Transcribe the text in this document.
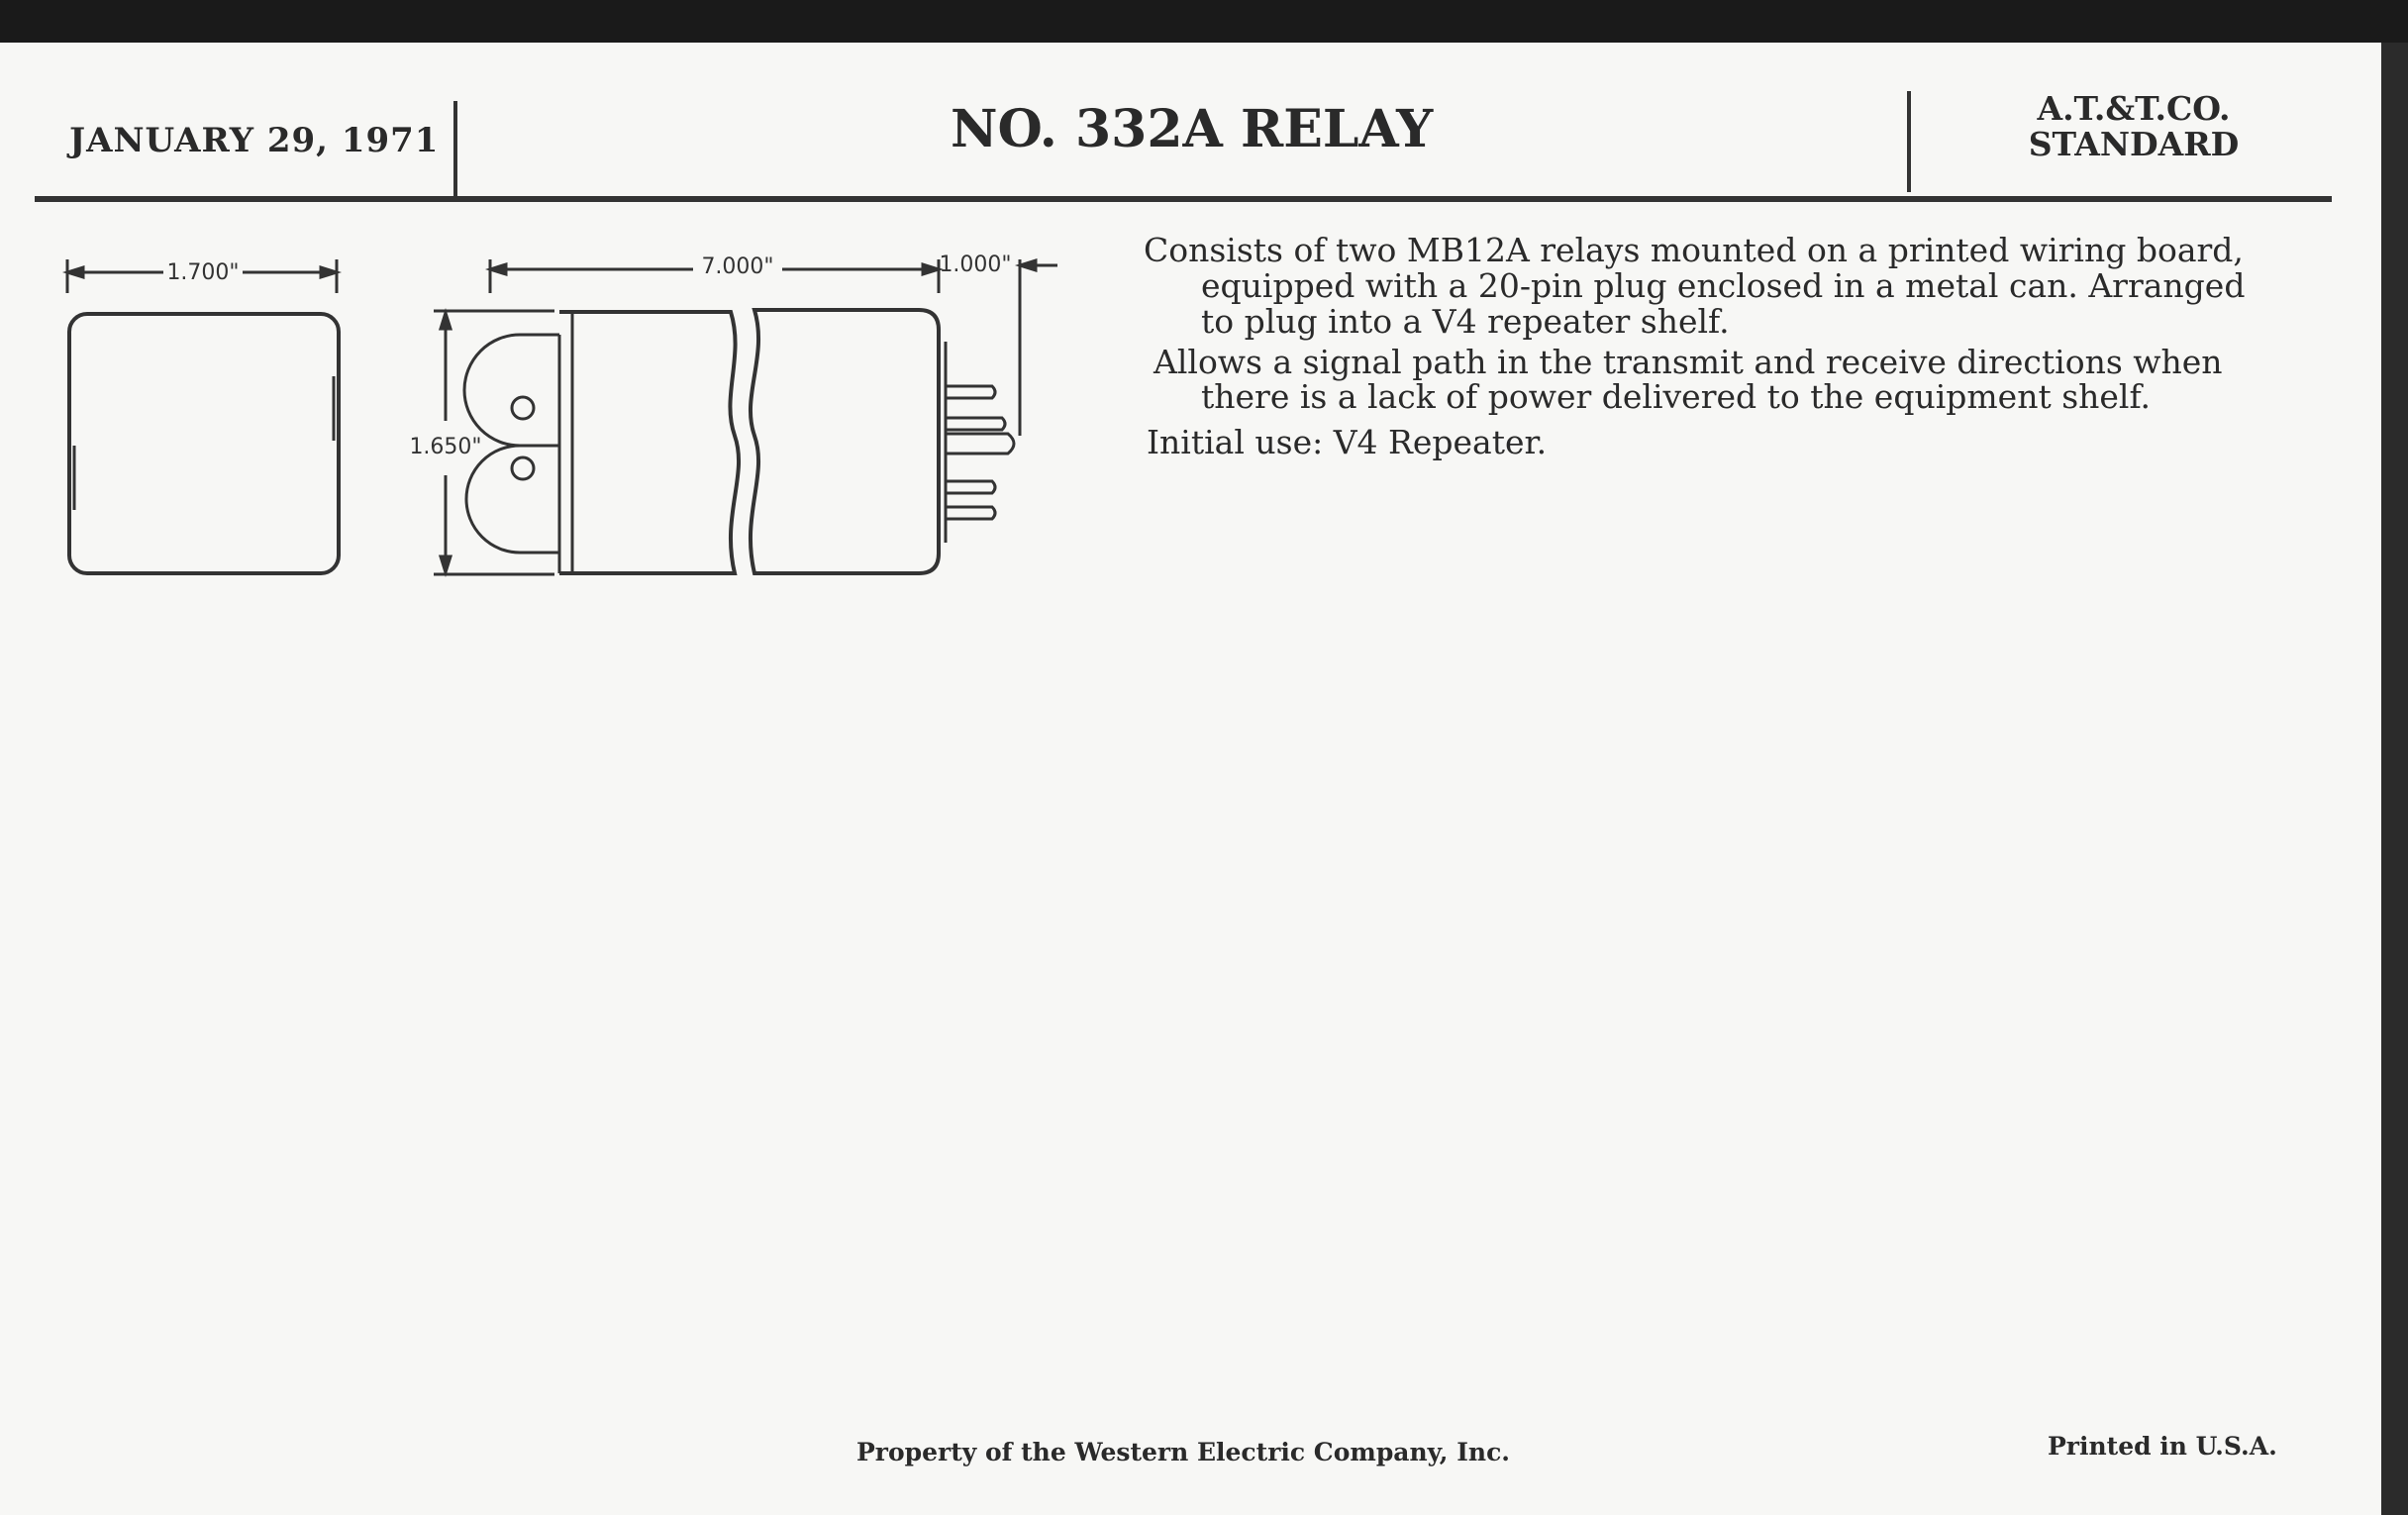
JANUARY 29, 1971	NO. 332A RELAY	A.T.&T.CO.
STANDARD
1.700"	7.000"	1.000"
1.650"
Consists of two MB12A relays mounted on a printed wiring board,
equipped with a 20-pin plug enclosed in a metal can. Arranged
to plug into a V4 repeater shelf.
Allows a signal path in the transmit and receive directions when
there is a lack of power delivered to the equipment shelf.
Initial use: V4 Repeater.
Property of the Western Electric Company, Inc.	Printed in U.S.A.
